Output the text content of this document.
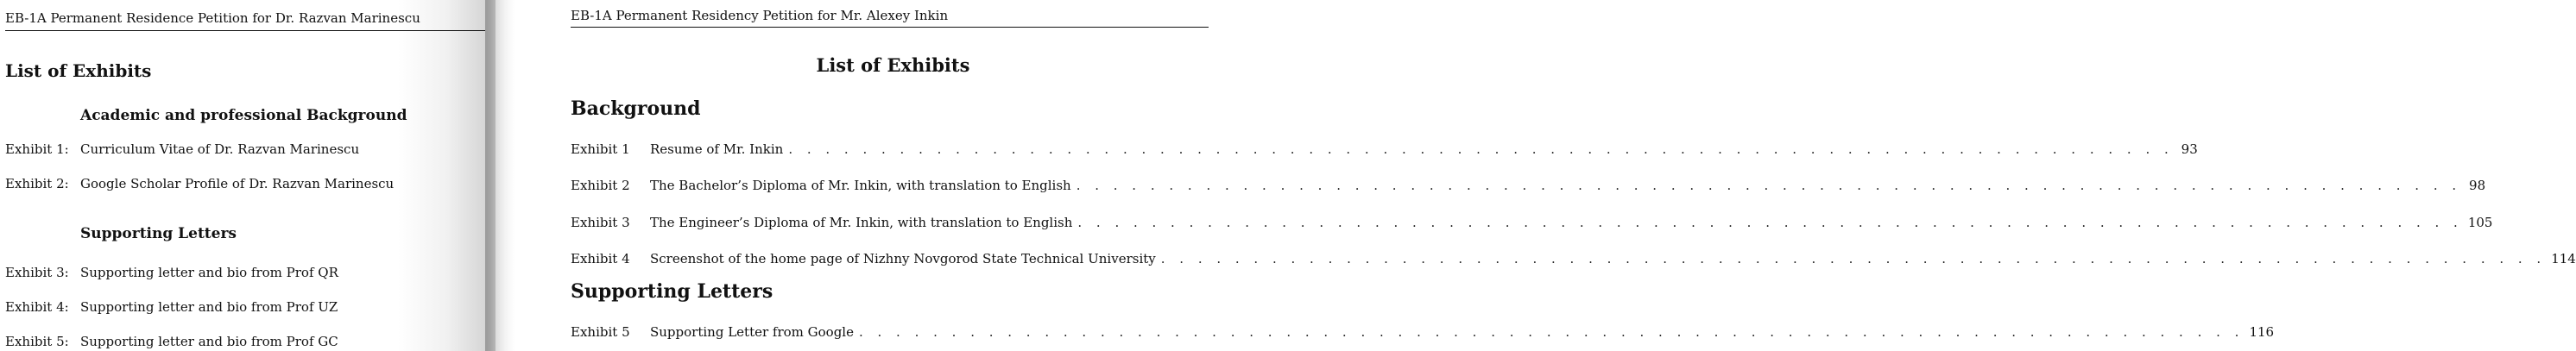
EB-1A Permanent Residence Petition for Dr. Razvan Marinescu
List of Exhibits
Academic and professional Background
Exhibit 1: Curriculum Vitae of Dr. Razvan Marinescu
Exhibit 2: Google Scholar Profile of Dr. Razvan Marinescu
Supporting Letters
Exhibit 3: Supporting letter and bio from Prof QR
Exhibit 4: Supporting letter and bio from Prof UZ
Exhibit 5: Supporting letter and bio from Prof GC
EB-1A Permanent Residency Petition for Mr. Alexey Inkin
List of Exhibits
Background
Exhibit 1	Resume of Mr. Inkin . . . . . . . . . . . . . . . . . . . . . . . . . . . . . . . . . . . . . . . . . . . . . . . . . . . . . . . . . . . . . . . . . . . . . . . . . . . 93
Exhibit 2	The Bachelor’s Diploma of Mr. Inkin, with translation to English . . . . . . . . . . . . . . . . . . . . . . . . . . . . . . . . . . . . . . . . . . . . . . . . . . . . . . . . . . . . . . . . . . . . . . . . . . . 98
Exhibit 3	The Engineer’s Diploma of Mr. Inkin, with translation to English . . . . . . . . . . . . . . . . . . . . . . . . . . . . . . . . . . . . . . . . . . . . . . . . . . . . . . . . . . . . . . . . . . . . . . . . . . . 105
Exhibit 4	Screenshot of the home page of Nizhny Novgorod State Technical University . . . . . . . . . . . . . . . . . . . . . . . . . . . . . . . . . . . . . . . . . . . . . . . . . . . . . . . . . . . . . . . . . . . . . . . . . . . 114
Supporting Letters
Exhibit 5	Supporting Letter from Google . . . . . . . . . . . . . . . . . . . . . . . . . . . . . . . . . . . . . . . . . . . . . . . . . . . . . . . . . . . . . . . . . . . . . . . . . . . 116
